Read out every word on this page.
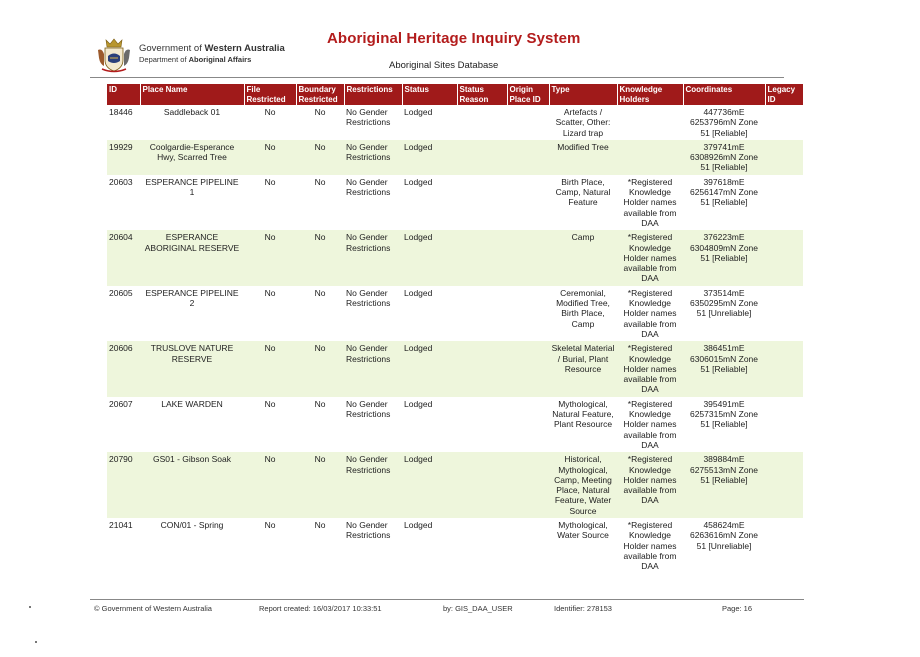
Government of Western Australia
Department of Aboriginal Affairs
Aboriginal Heritage Inquiry System
Aboriginal Sites Database
ID	Place Name	File Restricted	Boundary Restricted	Restrictions	Status	Status Reason	Origin Place ID	Type	Knowledge Holders	Coordinates	Legacy ID
18446	Saddleback 01	No	No	No Gender Restrictions	Lodged			Artefacts / Scatter, Other: Lizard trap		447736mE 6253796mN Zone 51 [Reliable]	
19929	Coolgardie-Esperance Hwy, Scarred Tree	No	No	No Gender Restrictions	Lodged			Modified Tree		379741mE 6308926mN Zone 51 [Reliable]	
20603	ESPERANCE PIPELINE 1	No	No	No Gender Restrictions	Lodged			Birth Place, Camp, Natural Feature	*Registered Knowledge Holder names available from DAA	397618mE 6256147mN Zone 51 [Reliable]	
20604	ESPERANCE ABORIGINAL RESERVE	No	No	No Gender Restrictions	Lodged			Camp	*Registered Knowledge Holder names available from DAA	376223mE 6304809mN Zone 51 [Reliable]	
20605	ESPERANCE PIPELINE 2	No	No	No Gender Restrictions	Lodged			Ceremonial, Modified Tree, Birth Place, Camp	*Registered Knowledge Holder names available from DAA	373514mE 6350295mN Zone 51 [Unreliable]	
20606	TRUSLOVE NATURE RESERVE	No	No	No Gender Restrictions	Lodged			Skeletal Material / Burial, Plant Resource	*Registered Knowledge Holder names available from DAA	386451mE 6306015mN Zone 51 [Reliable]	
20607	LAKE WARDEN	No	No	No Gender Restrictions	Lodged			Mythological, Natural Feature, Plant Resource	*Registered Knowledge Holder names available from DAA	395491mE 6257315mN Zone 51 [Reliable]	
20790	GS01 - Gibson Soak	No	No	No Gender Restrictions	Lodged			Historical, Mythological, Camp, Meeting Place, Natural Feature, Water Source	*Registered Knowledge Holder names available from DAA	389884mE 6275513mN Zone 51 [Reliable]	
21041	CON/01 - Spring	No	No	No Gender Restrictions	Lodged			Mythological, Water Source	*Registered Knowledge Holder names available from DAA	458624mE 6263616mN Zone 51 [Unreliable]	
© Government of Western Australia	Report created: 16/03/2017 10:33:51	by: GIS_DAA_USER	Identifier: 278153	Page: 16
